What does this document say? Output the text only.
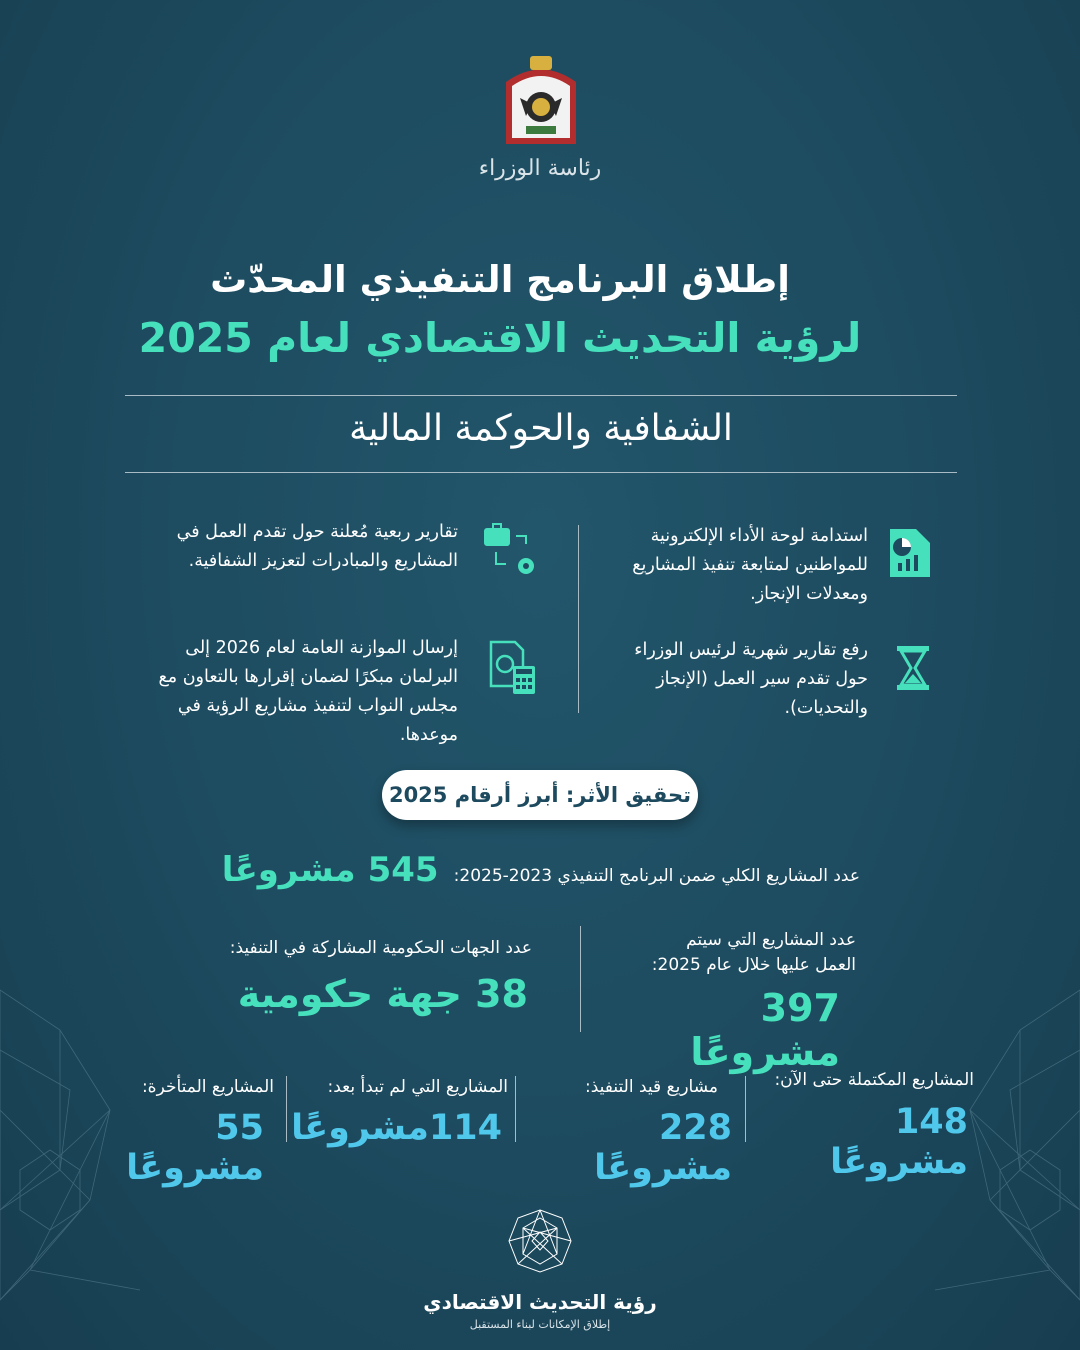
رئاسة الوزراء
إطلاق البرنامج التنفيذي المحدّث
لرؤية التحديث الاقتصادي لعام 2025
الشفافية والحوكمة المالية
استدامة لوحة الأداء الإلكترونية للمواطنين لمتابعة تنفيذ المشاريع ومعدلات الإنجاز.
رفع تقارير شهرية لرئيس الوزراء حول تقدم سير العمل (الإنجاز والتحديات).
تقارير ربعية مُعلنة حول تقدم العمل في المشاريع والمبادرات لتعزيز الشفافية.
إرسال الموازنة العامة لعام 2026 إلى البرلمان مبكرًا لضمان إقرارها بالتعاون مع مجلس النواب لتنفيذ مشاريع الرؤية في موعدها.
تحقيق الأثر: أبرز أرقام 2025
عدد المشاريع الكلي ضمن البرنامج التنفيذي 2023-2025: 545 مشروعًا
عدد المشاريع التي سيتم
العمل عليها خلال عام 2025:
397 مشروعًا
عدد الجهات الحكومية المشاركة في التنفيذ:
38 جهة حكومية
المشاريع المكتملة حتى الآن:
148 مشروعًا
مشاريع قيد التنفيذ:
228 مشروعًا
المشاريع التي لم تبدأ بعد:
114مشروعًا
المشاريع المتأخرة:
55 مشروعًا
رؤية التحديث الاقتصادي
إطلاق الإمكانات لبناء المستقبل
